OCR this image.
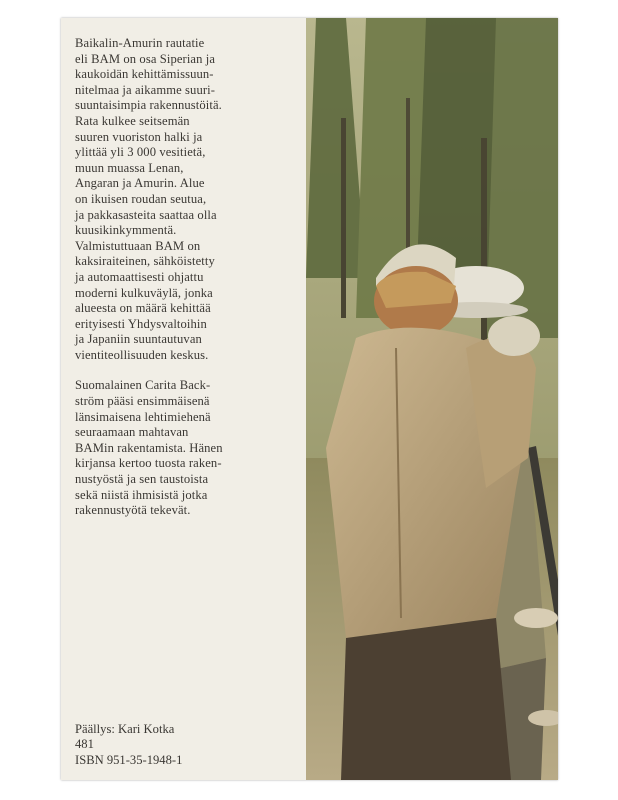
Baikalin-Amurin rautatie
eli BAM on osa Siperian ja
kaukoidän kehittämissuun-
nitelmaa ja aikamme suuri-
suuntaisimpia rakennustöitä.
Rata kulkee seitsemän
suuren vuoriston halki ja
ylittää yli 3 000 vesitietä,
muun muassa Lenan,
Angaran ja Amurin. Alue
on ikuisen roudan seutua,
ja pakkasasteita saattaa olla
kuusikinkymmentä.
Valmistuttuaan BAM on
kaksiraiteinen, sähköistetty
ja automaattisesti ohjattu
moderni kulkuväylä, jonka
alueesta on määrä kehittää
erityisesti Yhdysvaltoihin
ja Japaniin suuntautuvan
vientiteollisuuden keskus.

Suomalainen Carita Back-
ström pääsi ensimmäisenä
länsimaisena lehtimiehenä
seuraamaan mahtavan
BAMin rakentamista. Hänen
kirjansa kertoo tuosta raken-
nustyöstä ja sen taustoista
sekä niistä ihmisistä jotka
rakennustyötä tekevät.

Päällys: Kari Kotka
481
ISBN 951-35-1948-1
